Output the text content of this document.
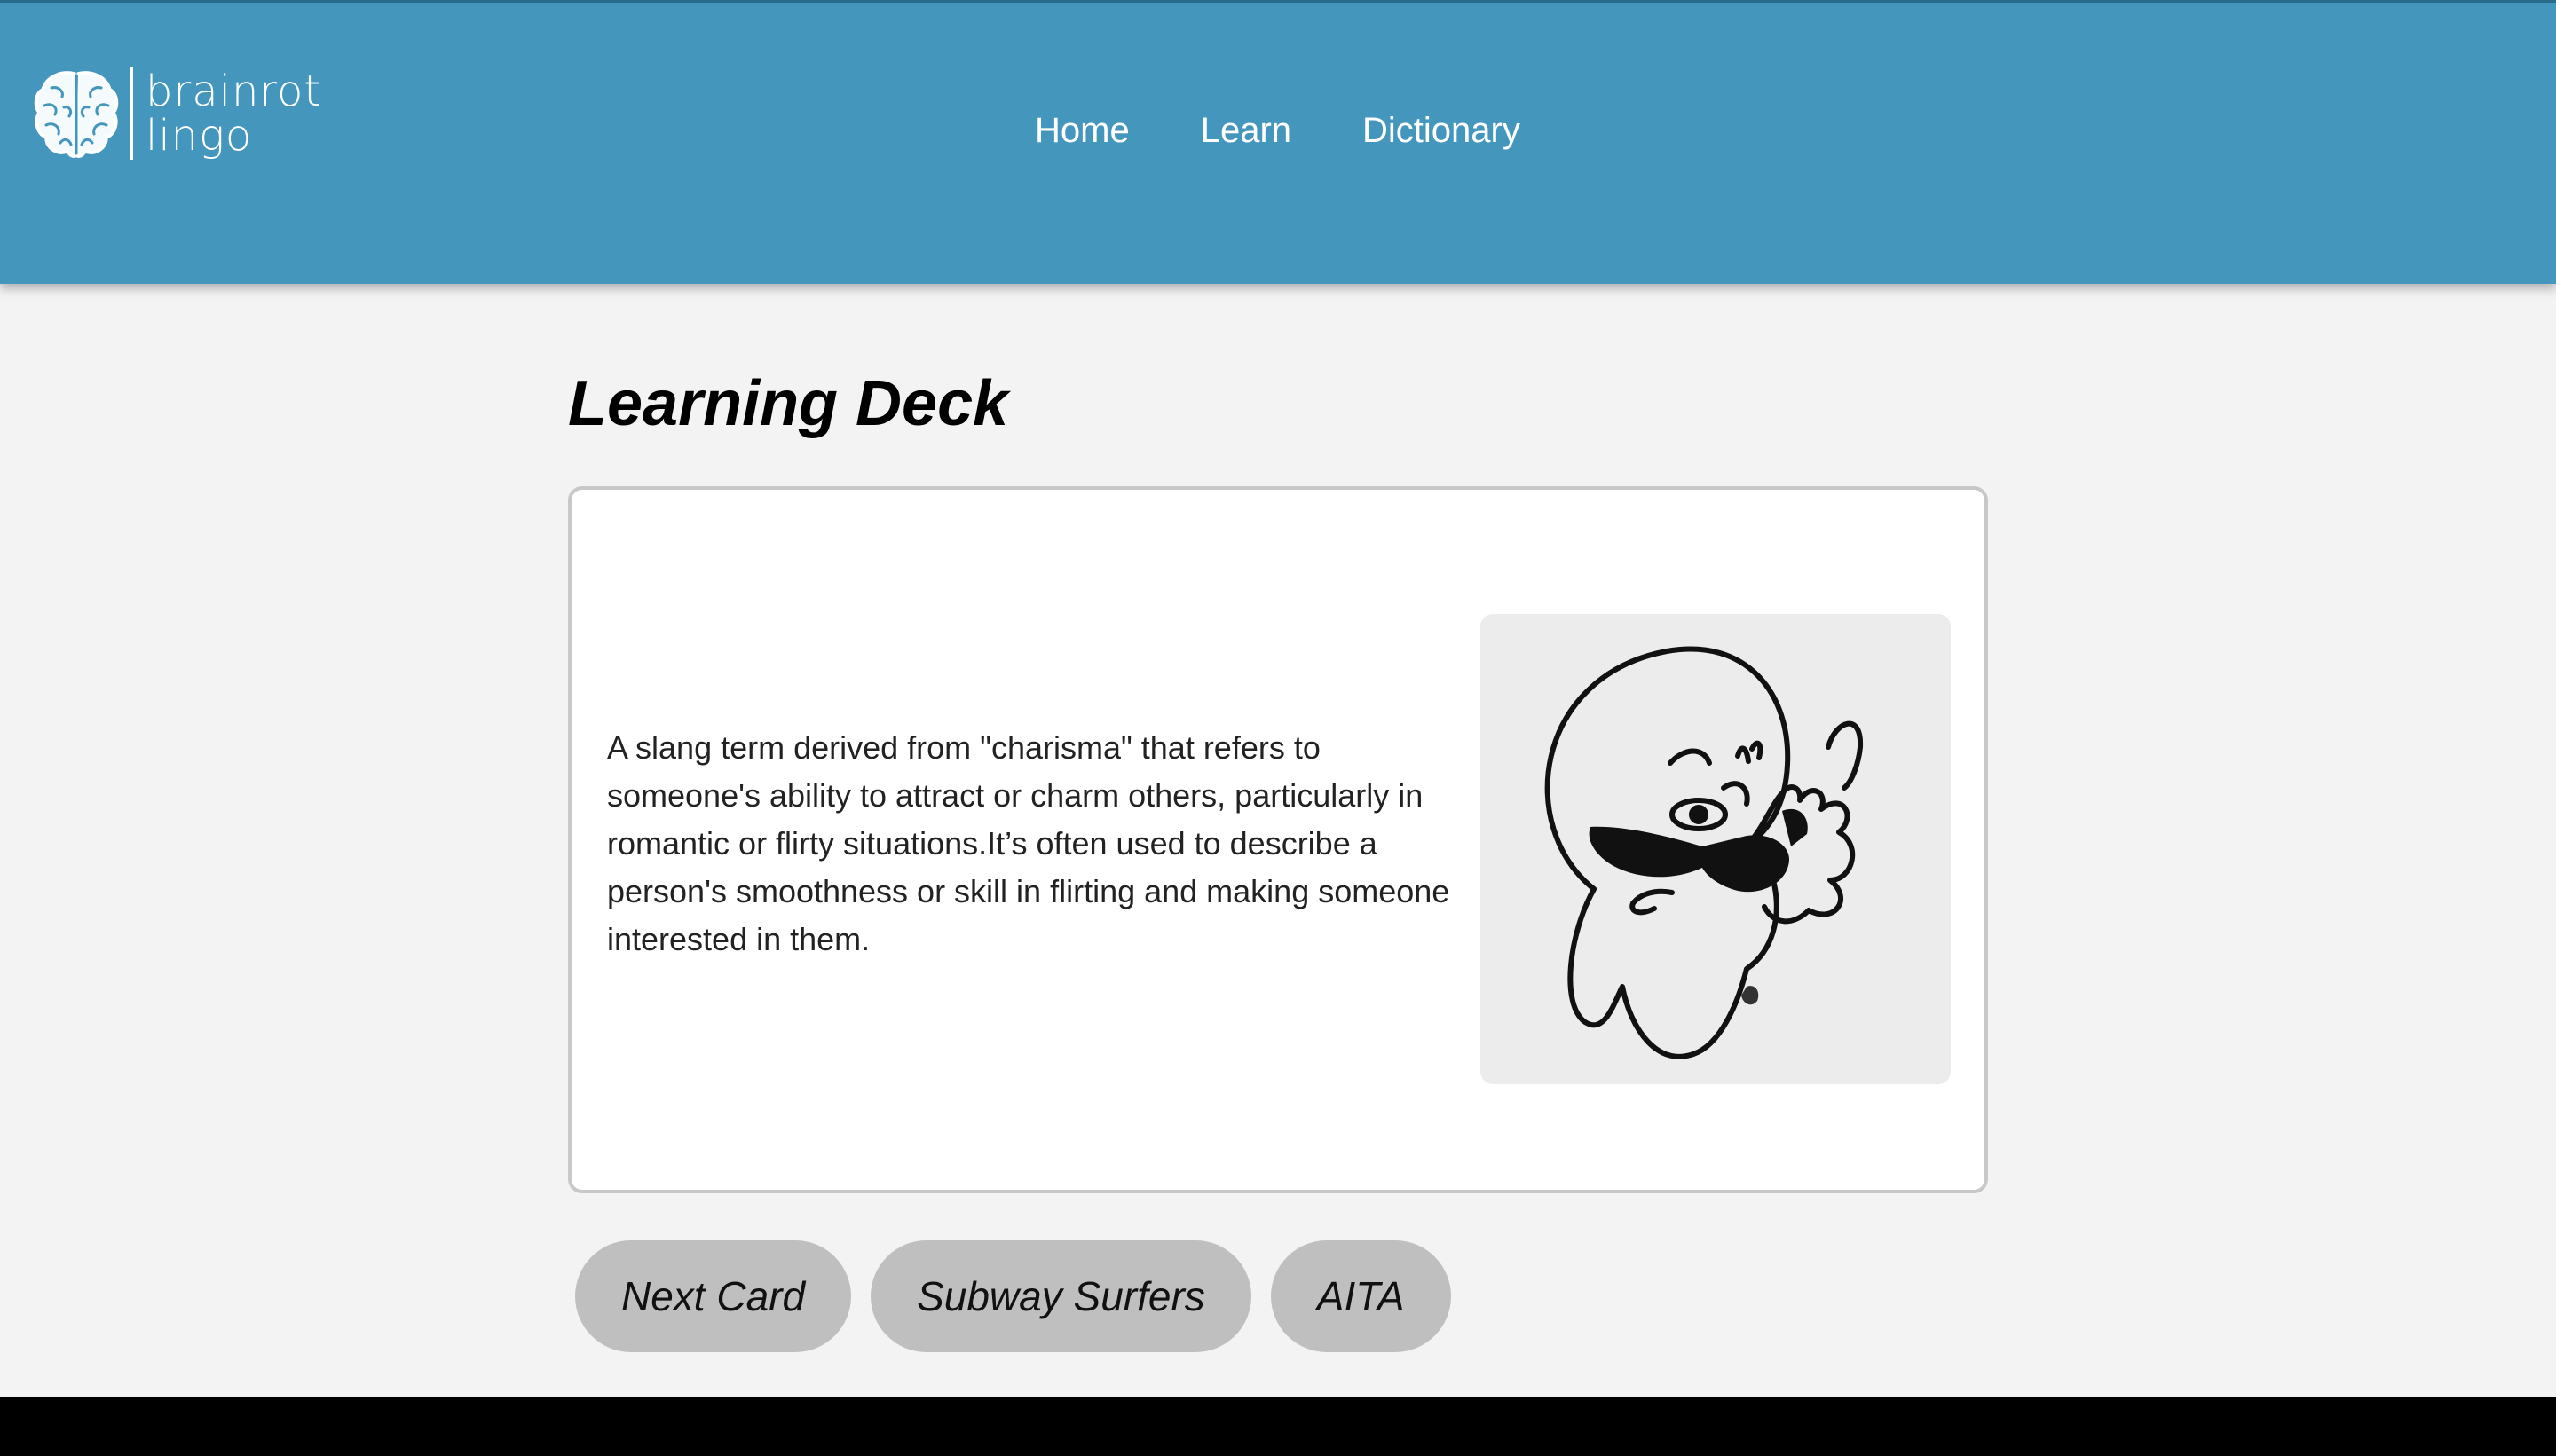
brainrot
lingo	Home Learn Dictionary
Learning Deck

A slang term derived from "charisma" that refers to someone's ability to attract or charm others, particularly in romantic or flirty situations.It’s often used to describe a person's smoothness or skill in flirting and making someone interested in them.

Next Card	Subway Surfers	AITA
